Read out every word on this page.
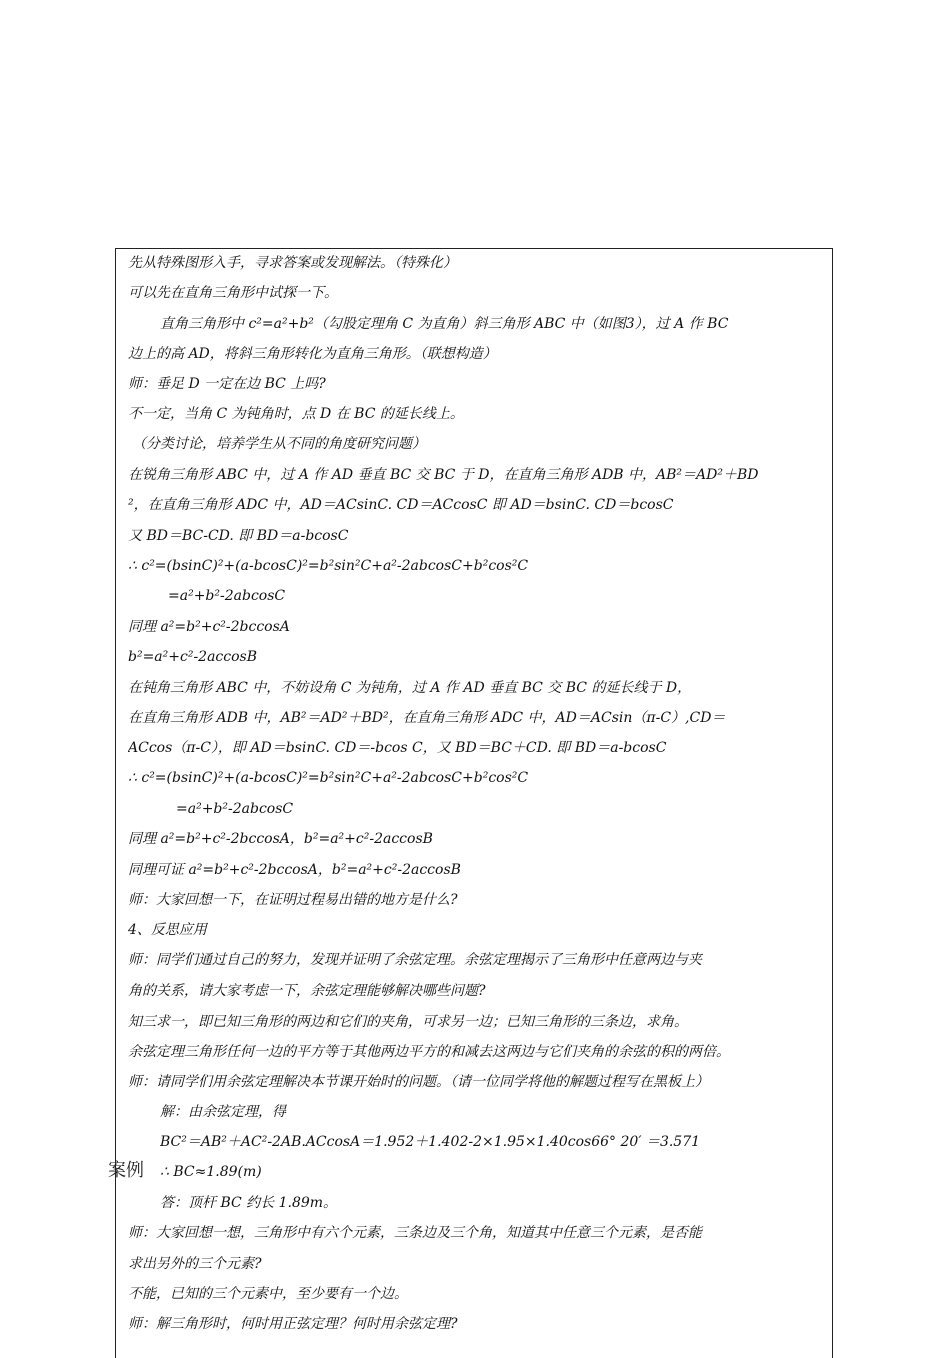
案例
先从特殊图形入手，寻求答案或发现解法。（特殊化）
可以先在直角三角形中试探一下。
直角三角形中 c²=a²+b²（勾股定理角 C 为直角）斜三角形 ABC 中（如图3），过 A 作 BC
边上的高 AD，将斜三角形转化为直角三角形。（联想构造）
师：垂足 D 一定在边 BC 上吗?
不一定，当角 C 为钝角时，点 D 在 BC 的延长线上。
（分类讨论，培养学生从不同的角度研究问题）
在锐角三角形 ABC 中，过 A 作 AD 垂直 BC 交 BC 于 D，在直角三角形 ADB 中，AB²＝AD²＋BD
²，在直角三角形 ADC 中，AD＝ACsinC. CD＝ACcosC 即 AD＝bsinC. CD＝bcosC
又 BD＝BC-CD. 即 BD＝a-bcosC
∴ c²=(bsinC)²+(a-bcosC)²=b²sin²C+a²-2abcosC+b²cos²C
=a²+b²-2abcosC
同理 a²=b²+c²-2bccosA
b²=a²+c²-2accosB
在钝角三角形 ABC 中，不妨设角 C 为钝角，过 A 作 AD 垂直 BC 交 BC 的延长线于 D，
在直角三角形 ADB 中，AB²＝AD²＋BD²，在直角三角形 ADC 中，AD＝ACsin（π-C）,CD＝
ACcos（π-C），即 AD＝bsinC. CD＝-bcos C，又 BD＝BC＋CD. 即 BD＝a-bcosC
∴ c²=(bsinC)²+(a-bcosC)²=b²sin²C+a²-2abcosC+b²cos²C
=a²+b²-2abcosC
同理 a²=b²+c²-2bccosA，b²=a²+c²-2accosB
同理可证 a²=b²+c²-2bccosA，b²=a²+c²-2accosB
师：大家回想一下，在证明过程易出错的地方是什么?
4、反思应用
师：同学们通过自己的努力，发现并证明了余弦定理。余弦定理揭示了三角形中任意两边与夹
角的关系，请大家考虑一下，余弦定理能够解决哪些问题?
知三求一，即已知三角形的两边和它们的夹角，可求另一边；已知三角形的三条边，求角。
余弦定理三角形任何一边的平方等于其他两边平方的和减去这两边与它们夹角的余弦的积的两倍。
师：请同学们用余弦定理解决本节课开始时的问题。（请一位同学将他的解题过程写在黑板上）
解：由余弦定理，得
BC²＝AB²＋AC²-2AB.ACcosA＝1.952＋1.402-2×1.95×1.40cos66° 20′ ＝3.571
∴ BC≈1.89(m)
答：顶杆 BC 约长 1.89m。
师：大家回想一想，三角形中有六个元素，三条边及三个角，知道其中任意三个元素，是否能
求出另外的三个元素?
不能，已知的三个元素中，至少要有一个边。
师：解三角形时，何时用正弦定理？何时用余弦定理?
